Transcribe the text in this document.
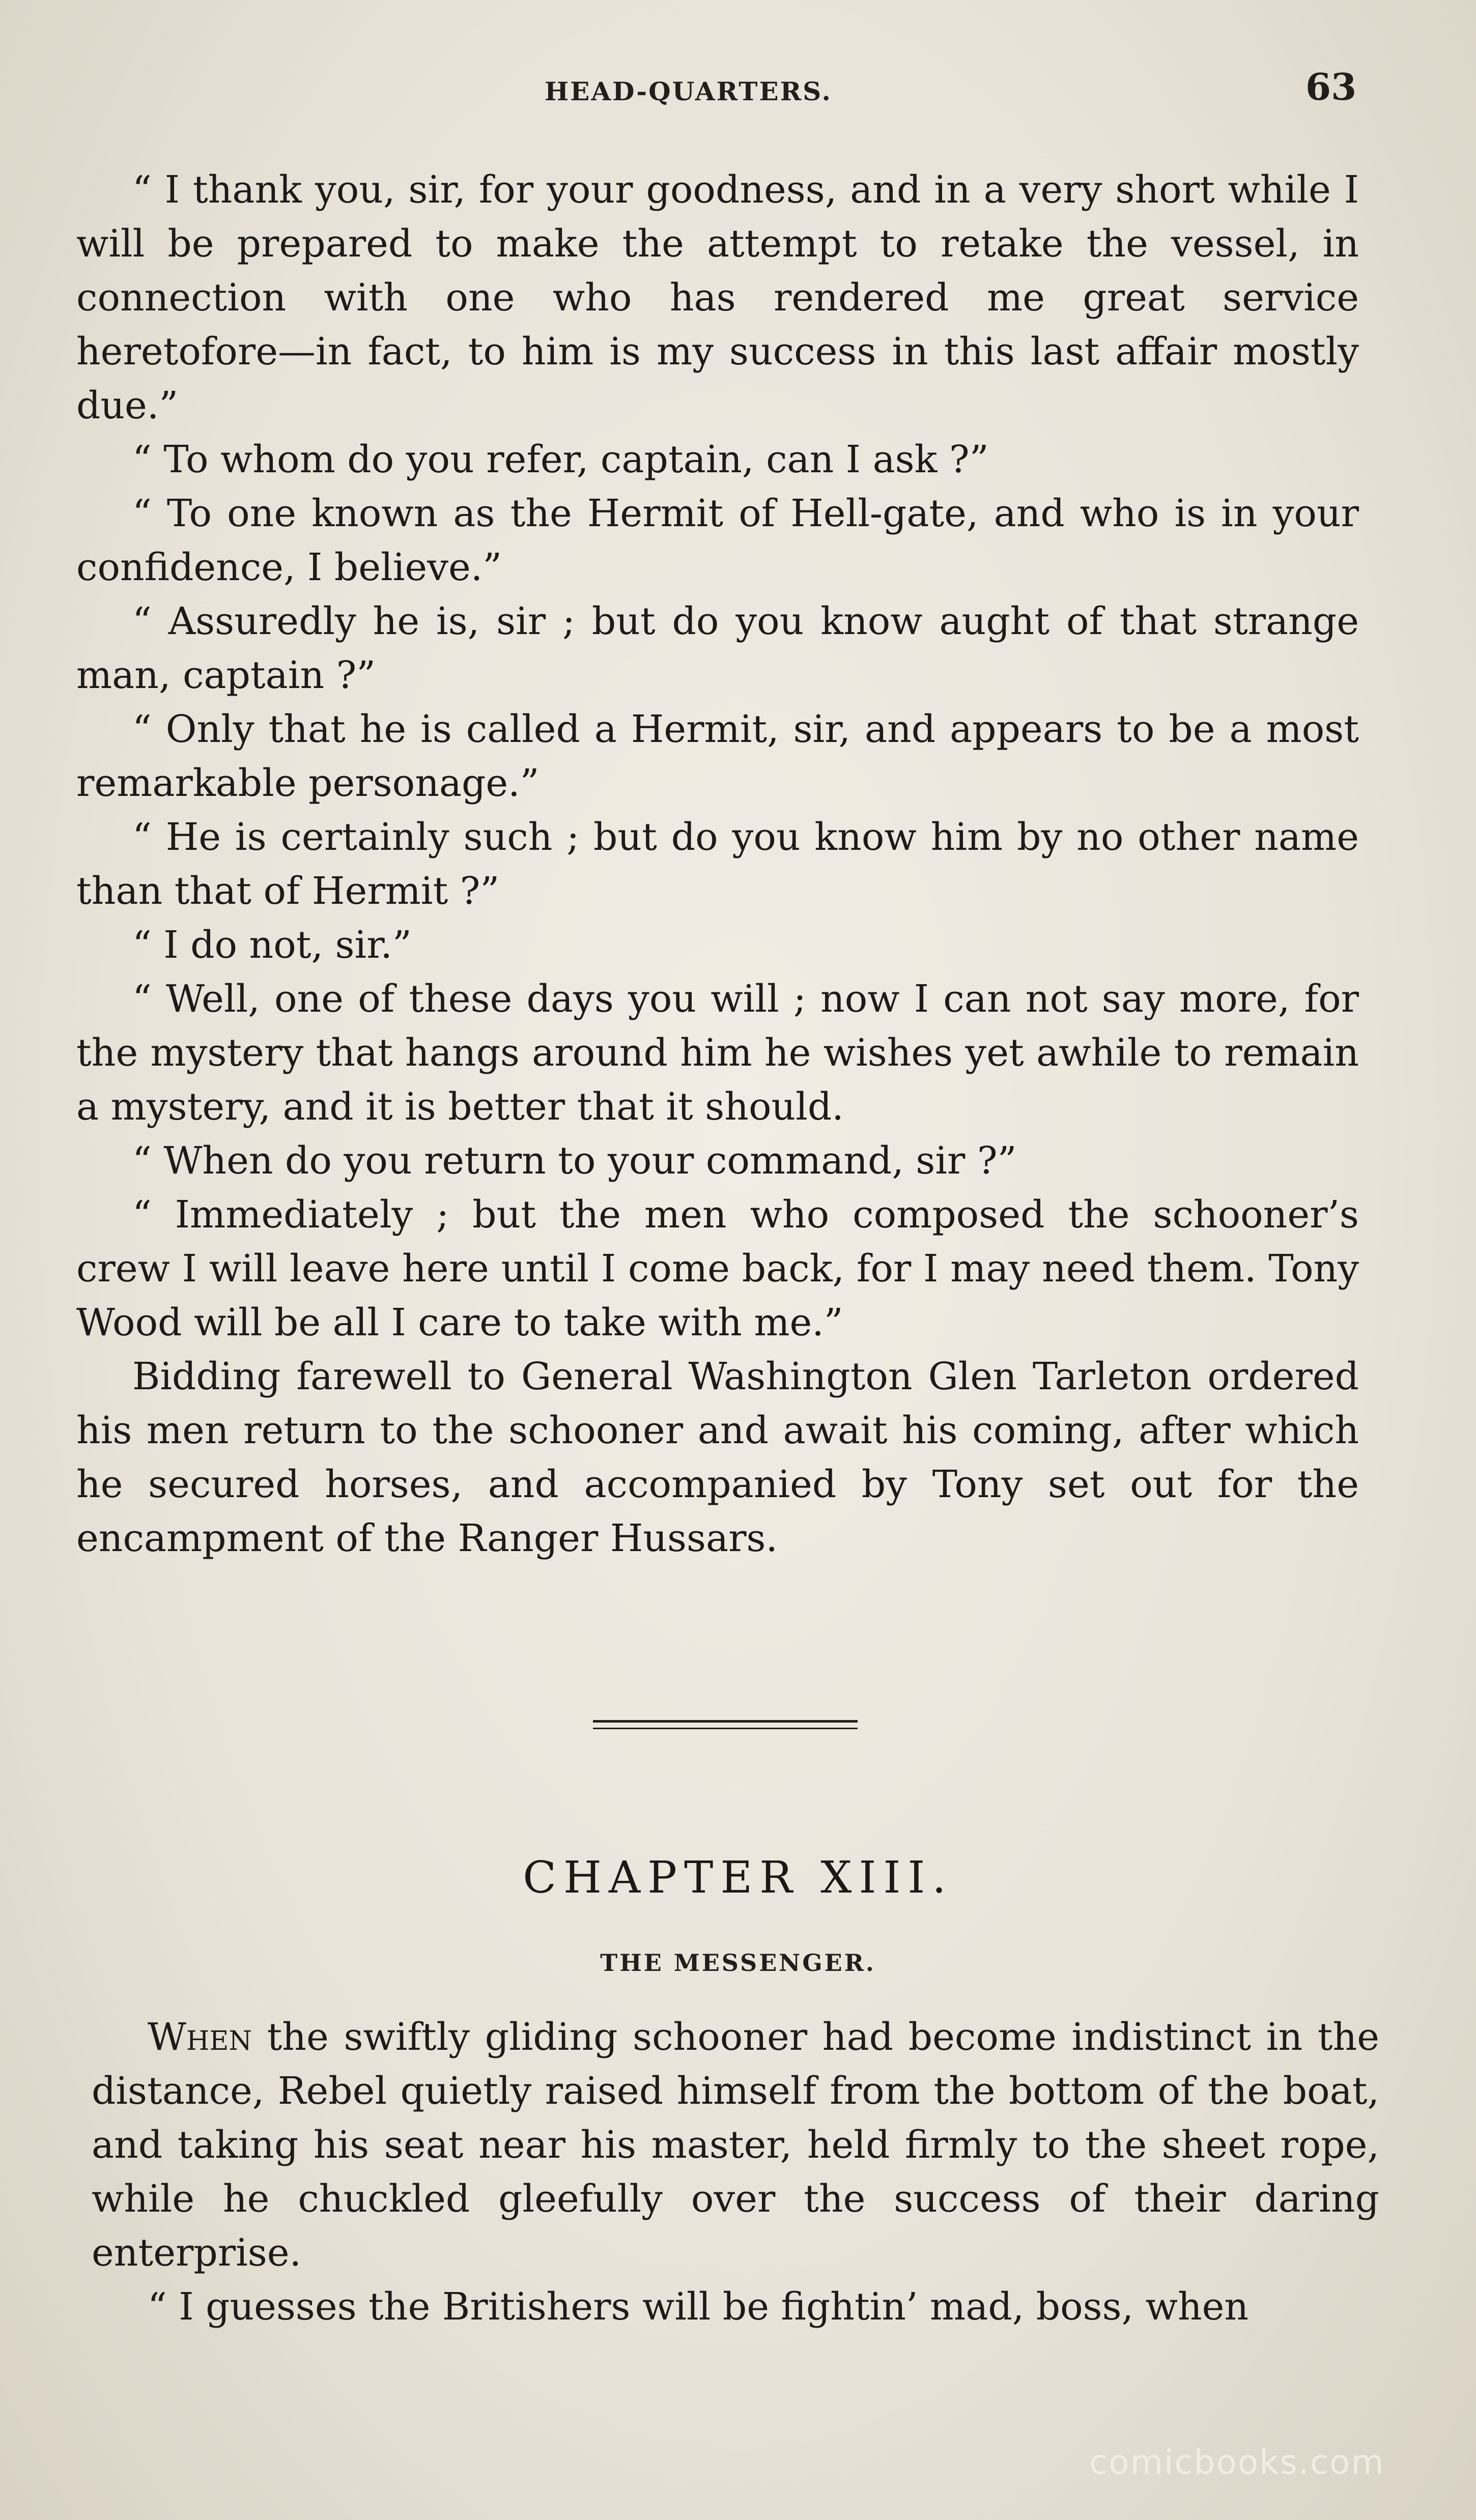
HEAD-QUARTERS.	63

“ I thank you, sir, for your goodness, and in a very short while I will be prepared to make the attempt to retake the vessel, in connection with one who has rendered me great service heretofore—in fact, to him is my success in this last affair mostly due.”

“ To whom do you refer, captain, can I ask ?”

“ To one known as the Hermit of Hell-gate, and who is in your confidence, I believe.”

“ Assuredly he is, sir ; but do you know aught of that strange man, captain ?”

“ Only that he is called a Hermit, sir, and appears to be a most remarkable personage.”

“ He is certainly such ; but do you know him by no other name than that of Hermit ?”

“ I do not, sir.”

“ Well, one of these days you will ; now I can not say more, for the mystery that hangs around him he wishes yet awhile to remain a mystery, and it is better that it should.

“ When do you return to your command, sir ?”

“ Immediately ; but the men who composed the schooner’s crew I will leave here until I come back, for I may need them. Tony Wood will be all I care to take with me.”

Bidding farewell to General Washington Glen Tarleton ordered his men return to the schooner and await his coming, after which he secured horses, and accompanied by Tony set out for the encampment of the Ranger Hussars.

CHAPTER XIII.
THE MESSENGER.

When the swiftly gliding schooner had become indistinct in the distance, Rebel quietly raised himself from the bottom of the boat, and taking his seat near his master, held firmly to the sheet rope, while he chuckled gleefully over the success of their daring enterprise.

“ I guesses the Britishers will be fightin’ mad, boss, when

comicbooks.com
